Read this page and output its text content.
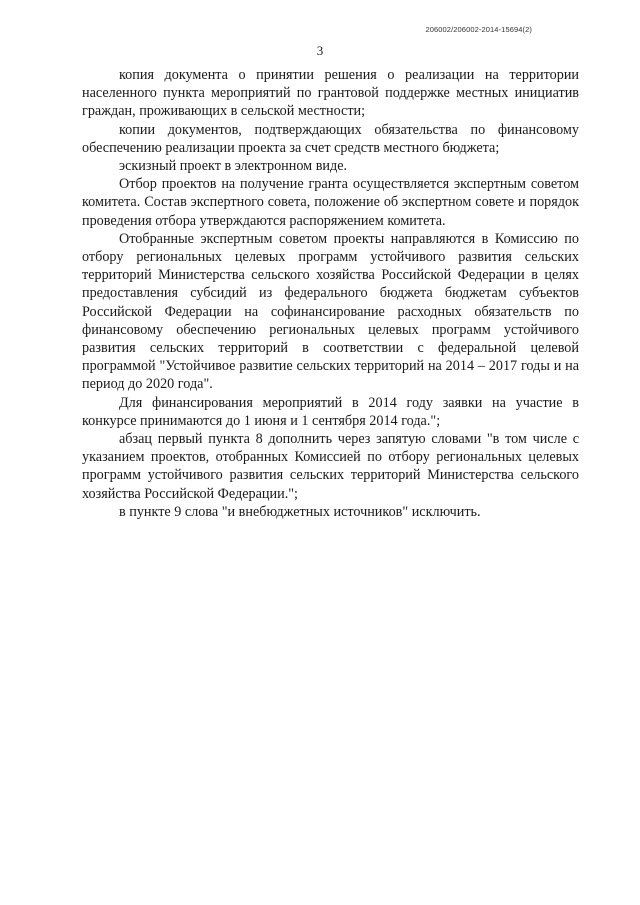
206002/206002-2014-15694(2)
3

копия документа о принятии решения о реализации на территории населенного пункта мероприятий по грантовой поддержке местных инициатив граждан, проживающих в сельской местности;

копии документов, подтверждающих обязательства по финансовому обеспечению реализации проекта за счет средств местного бюджета;

эскизный проект в электронном виде.

Отбор проектов на получение гранта осуществляется экспертным советом комитета. Состав экспертного совета, положение об экспертном совете и порядок проведения отбора утверждаются распоряжением комитета.

Отобранные экспертным советом проекты направляются в Комиссию по отбору региональных целевых программ устойчивого развития сельских территорий Министерства сельского хозяйства Российской Федерации в целях предоставления субсидий из федерального бюджета бюджетам субъектов Российской Федерации на софинансирование расходных обязательств по финансовому обеспечению региональных целевых программ устойчивого развития сельских территорий в соответствии с федеральной целевой программой "Устойчивое развитие сельских территорий на 2014 – 2017 годы и на период до 2020 года".

Для финансирования мероприятий в 2014 году заявки на участие в конкурсе принимаются до 1 июня и 1 сентября 2014 года.";

абзац первый пункта 8 дополнить через запятую словами "в том числе с указанием проектов, отобранных Комиссией по отбору региональных целевых программ устойчивого развития сельских территорий Министерства сельского хозяйства Российской Федерации.";

в пункте 9 слова "и внебюджетных источников" исключить.
